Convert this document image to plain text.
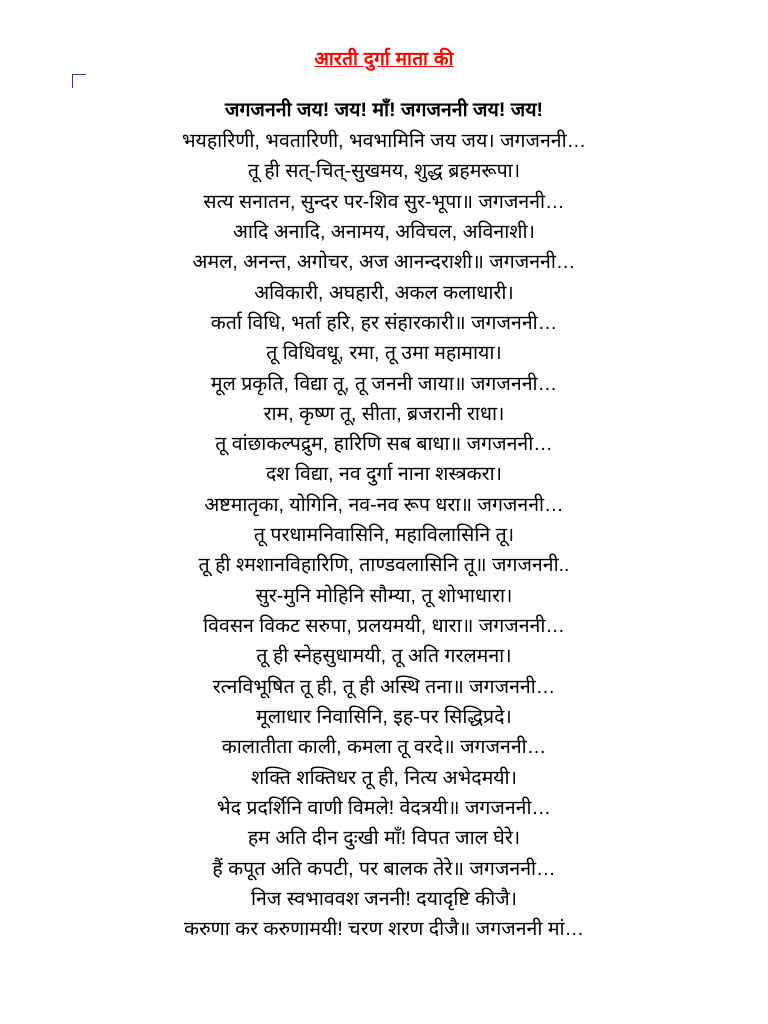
आरती दुर्गा माता की
जगजननी जय! जय! माँ! जगजननी जय! जय!
भयहारिणी, भवतारिणी, भवभामिनि जय जय। जगजननी…
तू ही सत्-चित्-सुखमय, शुद्ध ब्रहमरूपा।
सत्य सनातन, सुन्दर पर-शिव सुर-भूपा॥ जगजननी…
आदि अनादि, अनामय, अविचल, अविनाशी।
अमल, अनन्त, अगोचर, अज आनन्दराशी॥ जगजननी…
अविकारी, अघहारी, अकल कलाधारी।
कर्ता विधि, भर्ता हरि, हर संहारकारी॥ जगजननी…
तू विधिवधू, रमा, तू उमा महामाया।
मूल प्रकृति, विद्या तू, तू जननी जाया॥ जगजननी…
राम, कृष्ण तू, सीता, ब्रजरानी राधा।
तू वांछाकल्पद्रुम, हारिणि सब बाधा॥ जगजननी…
दश विद्या, नव दुर्गा नाना शस्त्रकरा।
अष्टमातृका, योगिनि, नव-नव रूप धरा॥ जगजननी…
तू परधामनिवासिनि, महाविलासिनि तू।
तू ही श्मशानविहारिणि, ताण्डवलासिनि तू॥ जगजननी..
सुर-मुनि मोहिनि सौम्या, तू शोभाधारा।
विवसन विकट सरुपा, प्रलयमयी, धारा॥ जगजननी…
तू ही स्नेहसुधामयी, तू अति गरलमना।
रत्नविभूषित तू ही, तू ही अस्थि तना॥ जगजननी…
मूलाधार निवासिनि, इह-पर सिद्धिप्रदे।
कालातीता काली, कमला तू वरदे॥ जगजननी…
शक्ति शक्तिधर तू ही, नित्य अभेदमयी।
भेद प्रदर्शिनि वाणी विमले! वेदत्रयी॥ जगजननी…
हम अति दीन दुःखी माँ! विपत जाल घेरे।
हैं कपूत अति कपटी, पर बालक तेरे॥ जगजननी…
निज स्वभाववश जननी! दयादृष्टि कीजै।
करुणा कर करुणामयी! चरण शरण दीजै॥ जगजननी मां…
